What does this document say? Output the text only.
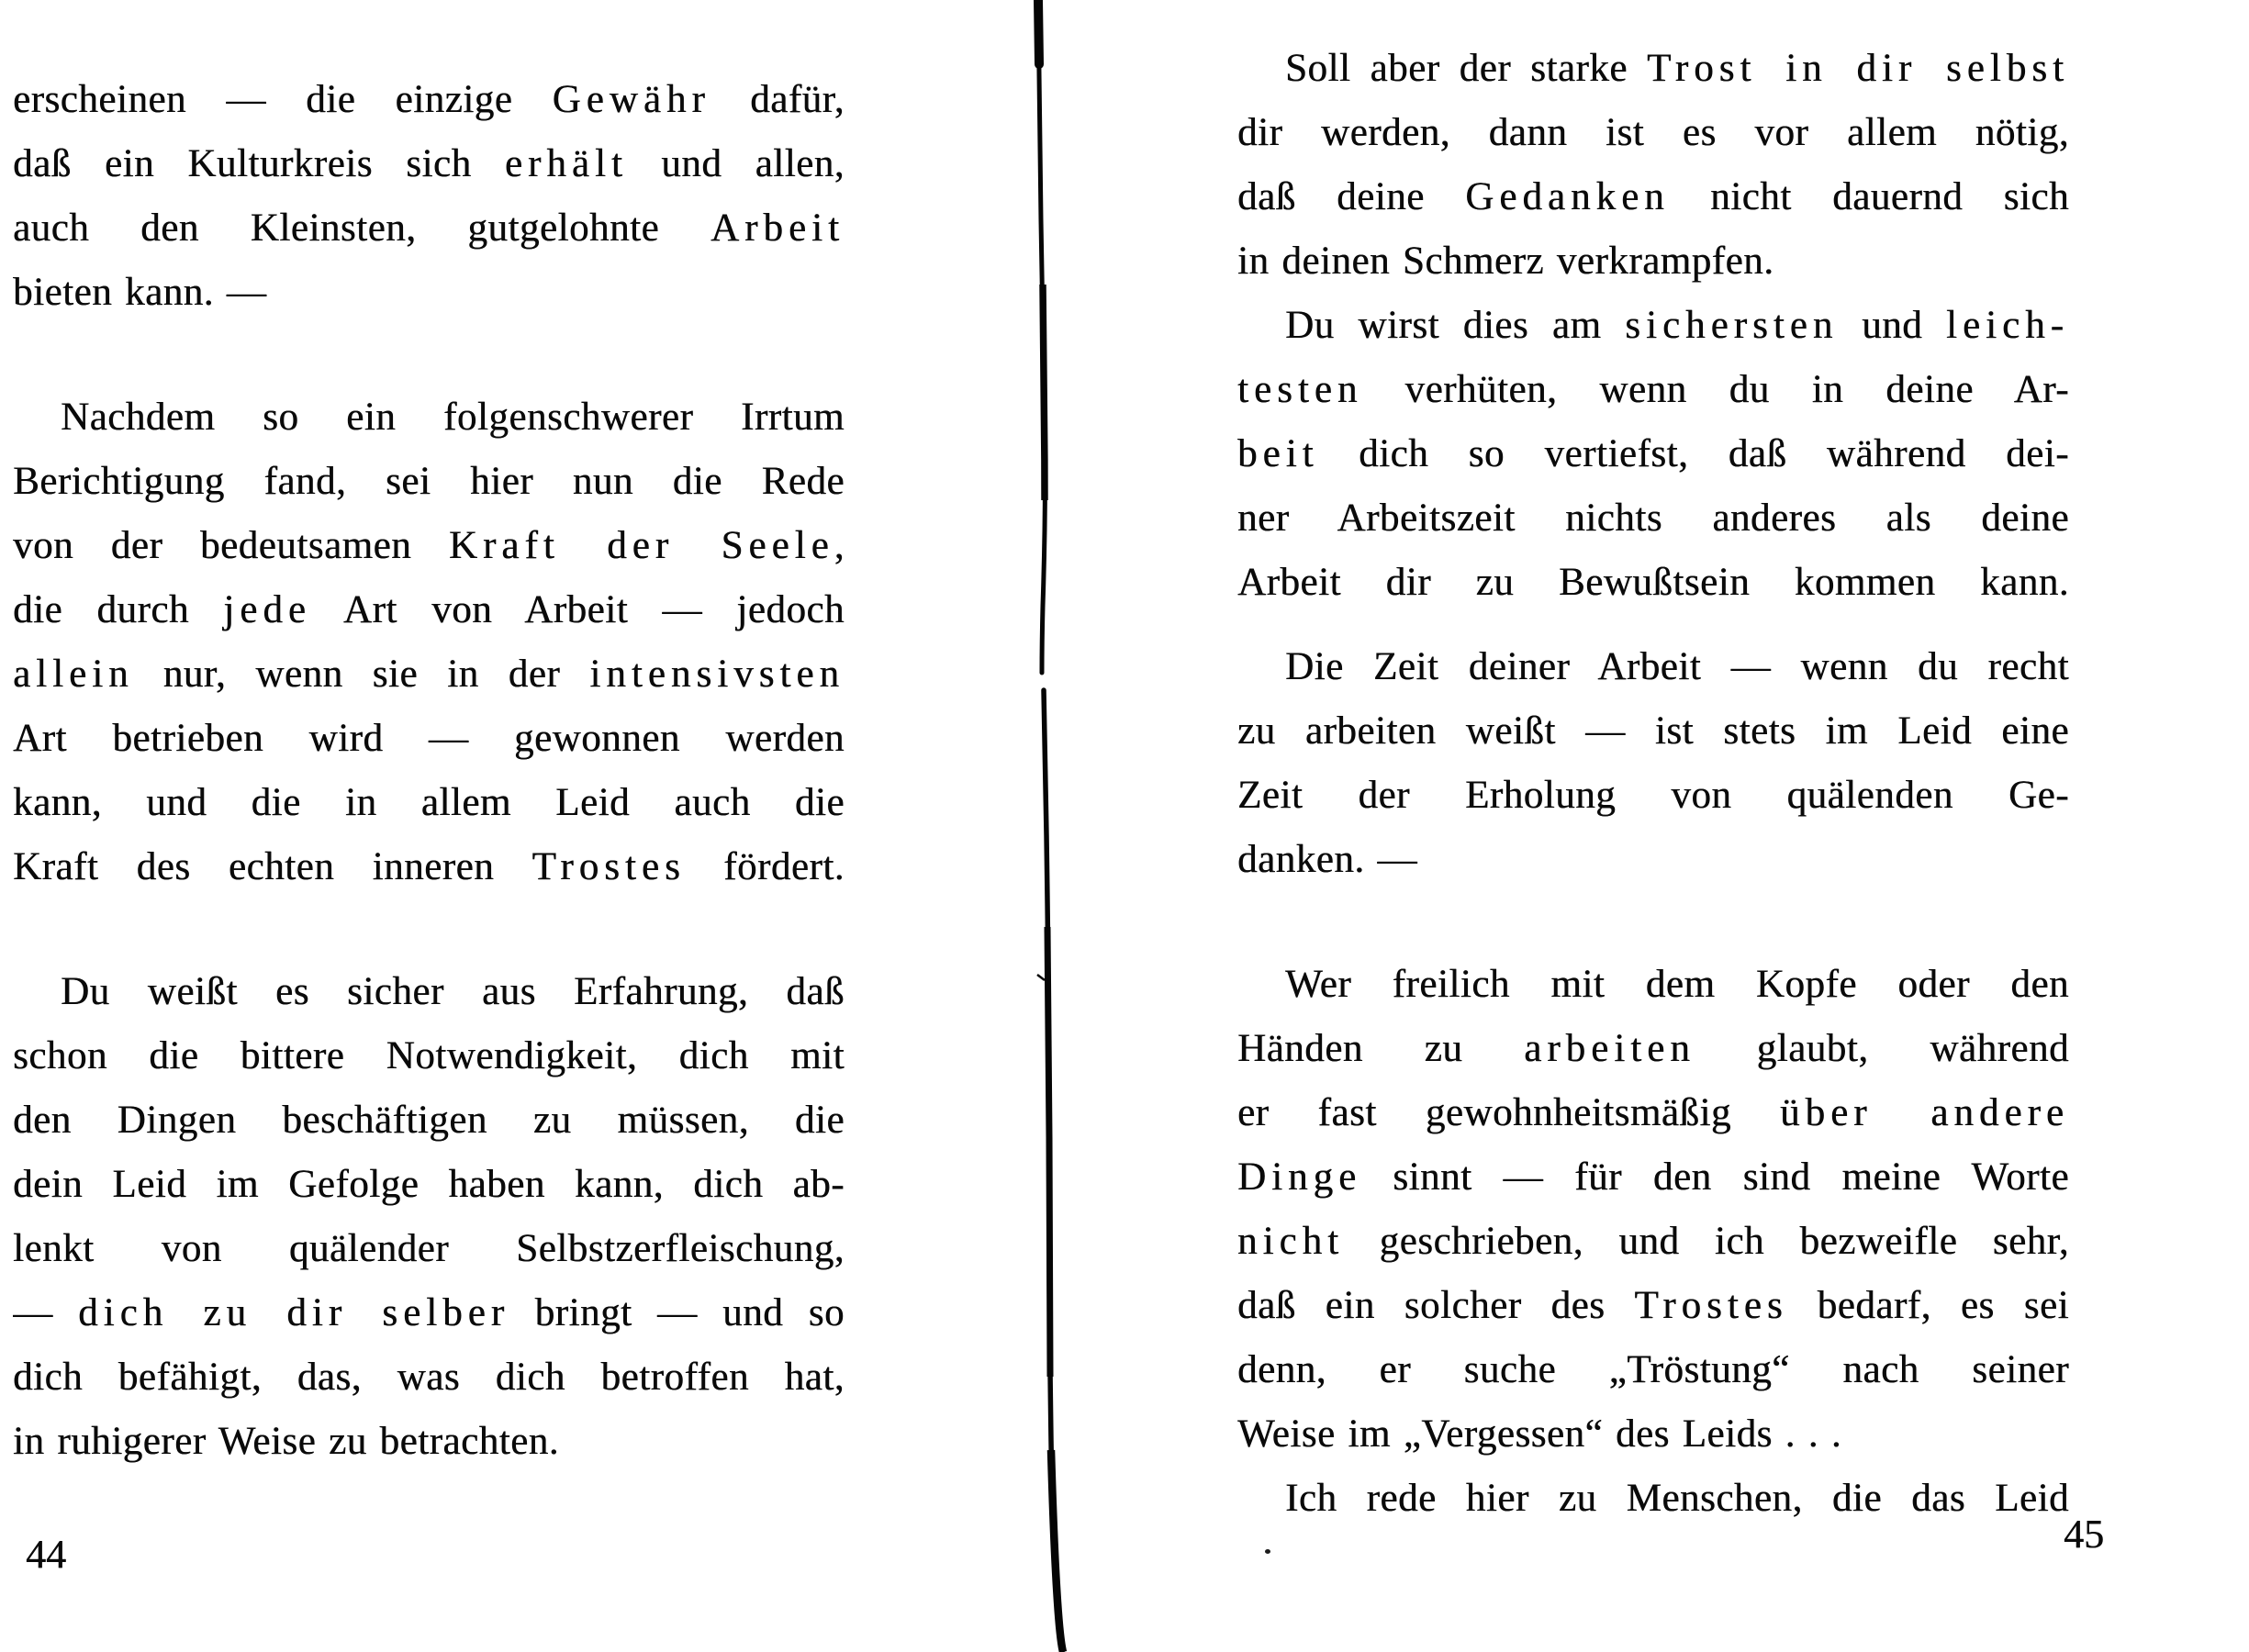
erscheinen — die einzige Gewähr dafür,
daß ein Kulturkreis sich erhält und allen,
auch den Kleinsten, gutgelohnte Arbeit
bieten kann. —
Nachdem so ein folgenschwerer Irrtum
Berichtigung fand, sei hier nun die Rede
von der bedeutsamen Kraft der Seele,
die durch jede Art von Arbeit — jedoch
allein nur, wenn sie in der intensivsten
Art betrieben wird — gewonnen werden
kann, und die in allem Leid auch die
Kraft des echten inneren Trostes fördert.
Du weißt es sicher aus Erfahrung, daß
schon die bittere Notwendigkeit, dich mit
den Dingen beschäftigen zu müssen, die
dein Leid im Gefolge haben kann, dich ab-
lenkt von quälender Selbstzerfleischung,
— dich zu dir selber bringt — und so
dich befähigt, das, was dich betroffen hat,
in ruhigerer Weise zu betrachten.
Soll aber der starke Trost in dir selbst
dir werden, dann ist es vor allem nötig,
daß deine Gedanken nicht dauernd sich
in deinen Schmerz verkrampfen.
Du wirst dies am sichersten und leich-
testen verhüten, wenn du in deine Ar-
beit dich so vertiefst, daß während dei-
ner Arbeitszeit nichts anderes als deine
Arbeit dir zu Bewußtsein kommen kann.
Die Zeit deiner Arbeit — wenn du recht
zu arbeiten weißt — ist stets im Leid eine
Zeit der Erholung von quälenden Ge-
danken. —
Wer freilich mit dem Kopfe oder den
Händen zu arbeiten glaubt, während
er fast gewohnheitsmäßig über andere
Dinge sinnt — für den sind meine Worte
nicht geschrieben, und ich bezweifle sehr,
daß ein solcher des Trostes bedarf, es sei
denn, er suche „Tröstung“ nach seiner
Weise im „Vergessen“ des Leids . . .
Ich rede hier zu Menschen, die das Leid
44	45
